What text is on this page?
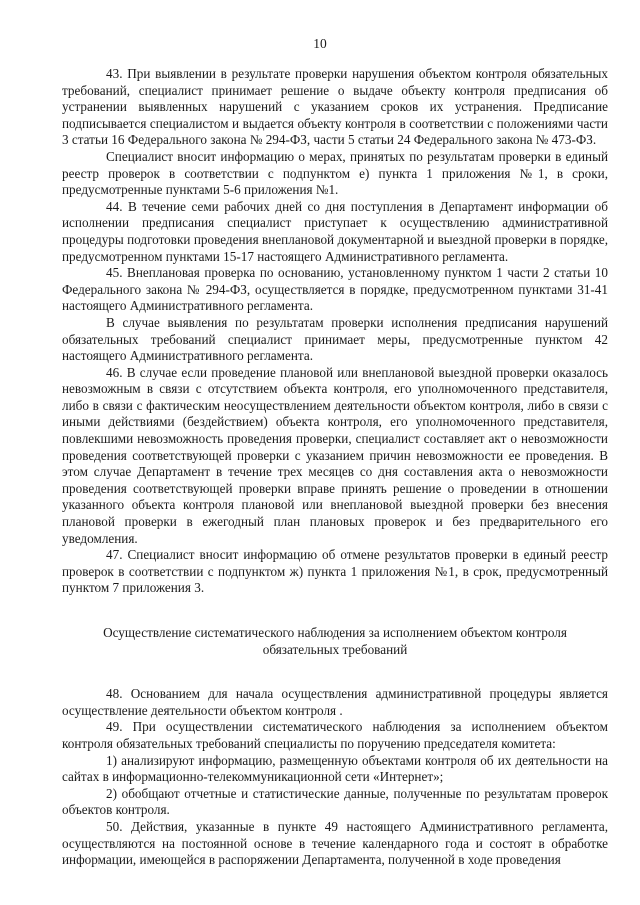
10

43. При выявлении в результате проверки нарушения объектом контроля обязательных требований, специалист принимает решение о выдаче объекту контроля предписания об устранении выявленных нарушений с указанием сроков их устранения. Предписание подписывается специалистом и выдается объекту контроля в соответствии с положениями части 3 статьи 16 Федерального закона № 294-ФЗ, части 5 статьи 24 Федерального закона № 473-ФЗ.

Специалист вносит информацию о мерах, принятых по результатам проверки в единый реестр проверок в соответствии с подпунктом е) пункта 1 приложения №1, в сроки, предусмотренные пунктами 5-6 приложения №1.

44. В течение семи рабочих дней со дня поступления в Департамент информации об исполнении предписания специалист приступает к осуществлению административной процедуры подготовки проведения внеплановой документарной и выездной проверки в порядке, предусмотренном пунктами 15-17 настоящего Административного регламента.

45. Внеплановая проверка по основанию, установленному пунктом 1 части 2 статьи 10 Федерального закона № 294-ФЗ, осуществляется в порядке, предусмотренном пунктами 31-41 настоящего Административного регламента.

В случае выявления по результатам проверки исполнения предписания нарушений обязательных требований специалист принимает меры, предусмотренные пунктом 42 настоящего Административного регламента.

46. В случае если проведение плановой или внеплановой выездной проверки оказалось невозможным в связи с отсутствием объекта контроля, его уполномоченного представителя, либо в связи с фактическим неосуществлением деятельности объектом контроля, либо в связи с иными действиями (бездействием) объекта контроля, его уполномоченного представителя, повлекшими невозможность проведения проверки, специалист составляет акт о невозможности проведения соответствующей проверки с указанием причин невозможности ее проведения. В этом случае Департамент в течение трех месяцев со дня составления акта о невозможности проведения соответствующей проверки вправе принять решение о проведении в отношении указанного объекта контроля плановой или внеплановой выездной проверки без внесения плановой проверки в ежегодный план плановых проверок и без предварительного его уведомления.

47. Специалист вносит информацию об отмене результатов проверки в единый реестр проверок в соответствии с подпунктом ж) пункта 1 приложения №1, в срок, предусмотренный пунктом 7 приложения 3.

Осуществление систематического наблюдения за исполнением объектом контроля
обязательных требований

48. Основанием для начала осуществления административной процедуры является осуществление деятельности объектом контроля .

49. При осуществлении систематического наблюдения за исполнением объектом контроля обязательных требований специалисты по поручению председателя комитета:

1) анализируют информацию, размещенную объектами контроля об их деятельности на сайтах в информационно-телекоммуникационной сети «Интернет»;

2) обобщают отчетные и статистические данные, полученные по результатам проверок объектов контроля.

50. Действия, указанные в пункте 49 настоящего Административного регламента, осуществляются на постоянной основе в течение календарного года и состоят в обработке информации, имеющейся в распоряжении Департамента, полученной в ходе проведения
